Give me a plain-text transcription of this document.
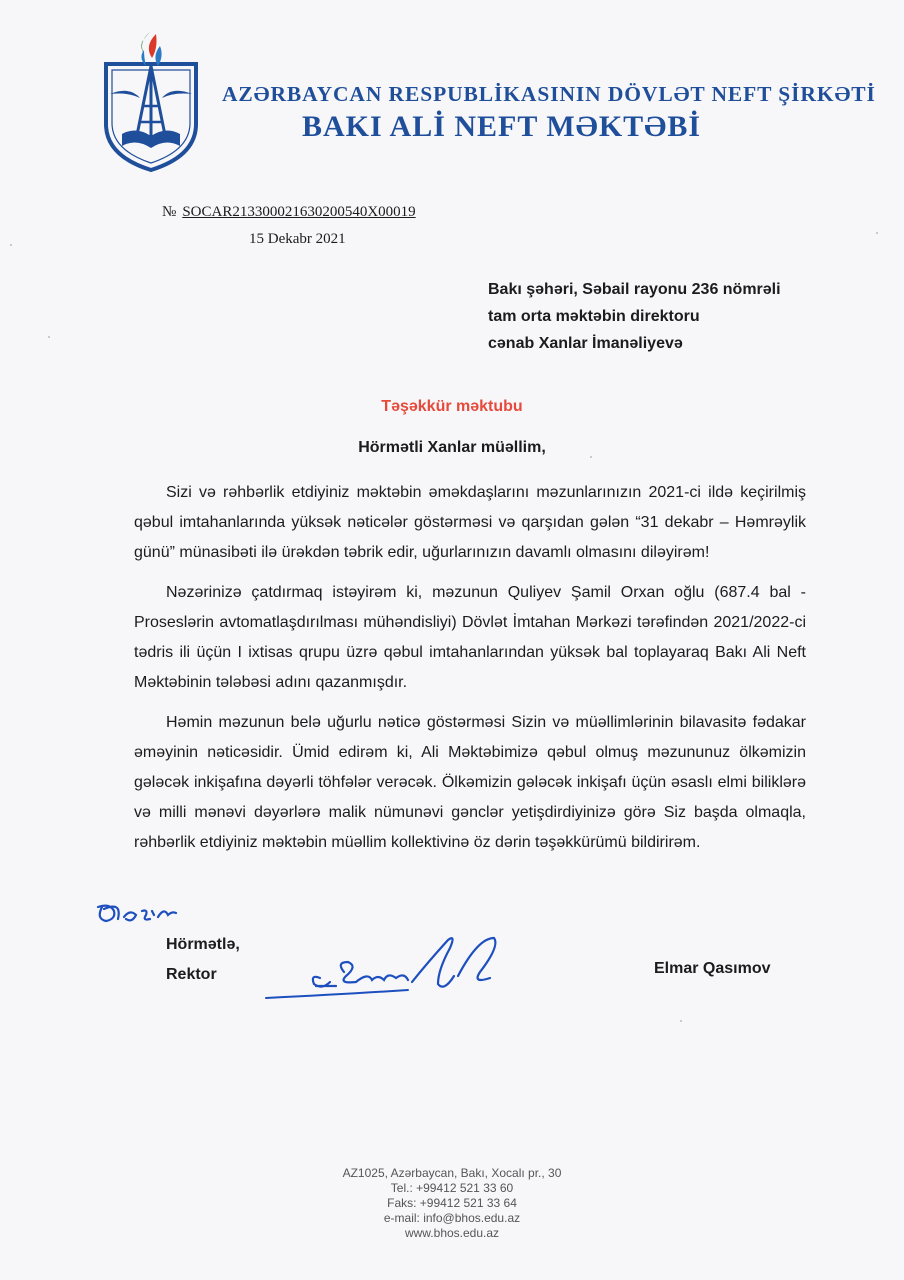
AZƏRBAYCAN RESPUBLİKASININ DÖVLƏT NEFT ŞİRKƏTİ
BAKI ALİ NEFT MƏKTƏBİ
№ SOCAR213300021630200540X00019
15 Dekabr 2021
Bakı şəhəri, Səbail rayonu 236 nömrəli
tam orta məktəbin direktoru
cənab Xanlar İmanəliyevə
Təşəkkür məktubu
Hörmətli Xanlar müəllim,

Sizi və rəhbərlik etdiyiniz məktəbin əməkdaşlarını məzunlarınızın 2021-ci ildə keçirilmiş qəbul imtahanlarında yüksək nəticələr göstərməsi və qarşıdan gələn “31 dekabr – Həmrəylik günü” münasibəti ilə ürəkdən təbrik edir, uğurlarınızın davamlı olmasını diləyirəm!

Nəzərinizə çatdırmaq istəyirəm ki, məzunun Quliyev Şamil Orxan oğlu (687.4 bal - Proseslərin avtomatlaşdırılması mühəndisliyi) Dövlət İmtahan Mərkəzi tərəfindən 2021/2022-ci tədris ili üçün I ixtisas qrupu üzrə qəbul imtahanlarından yüksək bal toplayaraq Bakı Ali Neft Məktəbinin tələbəsi adını qazanmışdır.

Həmin məzunun belə uğurlu nəticə göstərməsi Sizin və müəllimlərinin bilavasitə fədakar əməyinin nəticəsidir. Ümid edirəm ki, Ali Məktəbimizə qəbul olmuş məzununuz ölkəmizin gələcək inkişafına dəyərli töhfələr verəcək. Ölkəmizin gələcək inkişafı üçün əsaslı elmi biliklərə və milli mənəvi dəyərlərə malik nümunəvi gənclər yetişdirdiyinizə görə Siz başda olmaqla, rəhbərlik etdiyiniz məktəbin müəllim kollektivinə öz dərin təşəkkürümü bildirirəm.

Hörmətlə,
Rektor	Elmar Qasımov
AZ1025, Azərbaycan, Bakı, Xocalı pr., 30
Tel.: +99412 521 33 60
Faks: +99412 521 33 64
e-mail: info@bhos.edu.az
www.bhos.edu.az
